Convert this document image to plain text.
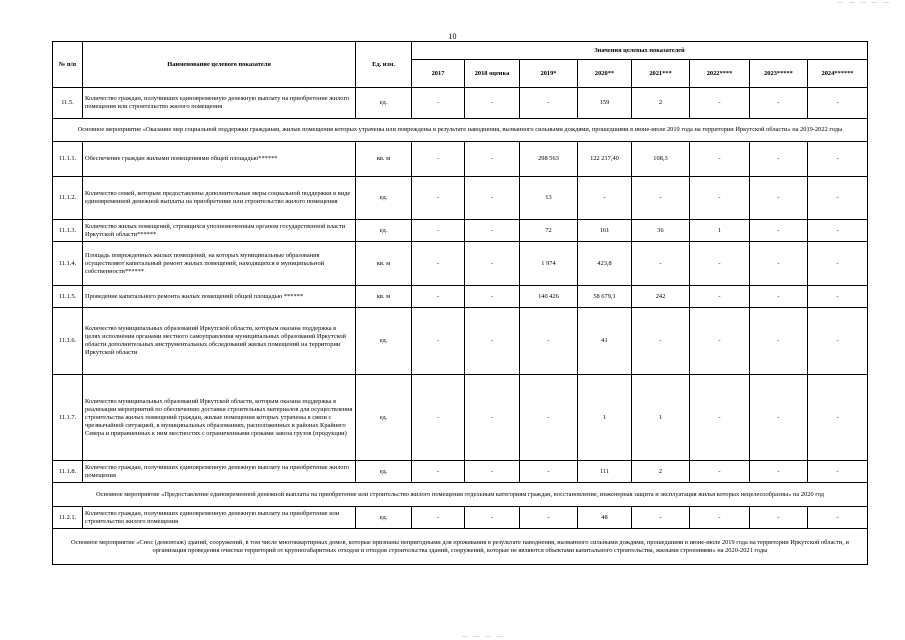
— — — — —
10
№ п/п	Наименование целевого показателя	Ед. изм.	Значения целевых показателей							
			2017	2018 оценка	2019*	2020**	2021***	2022****	2023*****	2024******
11.5.	Количество граждан, получивших единовременную денежную выплату на приобретение жилого помещения или строительство жилого помещения	ед.	-	-	-	159	2	-	-	-
Основное мероприятие «Оказание мер социальной поддержки гражданам, жилые помещения которых утрачены или повреждены в результате наводнения, вызванного сильными дождями, прошедшими в июне-июле 2019 года на территории Иркутской области» на 2019-2022 годы										
11.1.1.	Обеспечение граждан жилыми помещениями общей площадью******	кв. м	-	-	298 563	122 217,40	108,3	-	-	-
11.1.2.	Количество семей, которым предоставлены дополнительные меры социальной поддержки в виде единовременной денежной выплаты на приобретение или строительство жилого помещения	ед.	-	-	13	-	-	-	-	-
11.1.3.	Количество жилых помещений, строящихся уполномоченным органом государственной власти Иркутской области******	ед.	-	-	72	161	36	1	-	-
11.1.4.	Площадь поврежденных жилых помещений, на которых муниципальные образования осуществляют капитальный ремонт жилых помещений, находящихся в муниципальной собственности******	кв. м	-	-	1 974	423,8	-	-	-	-
11.1.5.	Проведение капитального ремонта жилых помещений общей площадью ******	кв. м	-	-	140 426	58 679,1	242	-	-	-
11.1.6.	Количество муниципальных образований Иркутской области, которым оказана поддержка в целях исполнения органами местного самоуправления муниципальных образований Иркутской области дополнительных инструментальных обследований жилых помещений на территории Иркутской области	ед.	-	-	-	41	-	-	-	-
11.1.7.	Количество муниципальных образований Иркутской области, которым оказана поддержка в реализации мероприятий по обеспечению доставки строительных материалов для осуществления строительства жилых помещений граждан, жилые помещения которых утрачены в связи с чрезвычайной ситуацией, в муниципальных образованиях, расположенных в районах Крайнего Севера и приравненных к ним местностях с ограниченными сроками завоза грузов (продукции)	ед.	-	-	-	1	1	-	-	-
11.1.8.	Количество граждан, получивших единовременную денежную выплату на приобретение жилого помещения	ед.	-	-	-	111	2	-	-	-
Основное мероприятие «Предоставление единовременной денежной выплаты на приобретение или строительство жилого помещения отдельным категориям граждан, восстановление, инженерная защита и эксплуатация жилья которых нецелесообразны» на 2020 год										
11.2.1.	Количество граждан, получивших единовременную денежную выплату на приобретение или строительство жилого помещения	ед.	-	-	-	48	-	-	-	-
Основное мероприятие «Снос (демонтаж) зданий, сооружений, в том числе многоквартирных домов, которые признаны непригодными для проживания в результате наводнения, вызванного сильными дождями, прошедшими в июне-июле 2019 года на территории Иркутской области, и организация проведения очистки территорий от крупногабаритных отходов и отходов строительства зданий, сооружений, которые не являются объектами капитального строительства, жилыми строениями» на 2020-2021 годы										
— — — —
